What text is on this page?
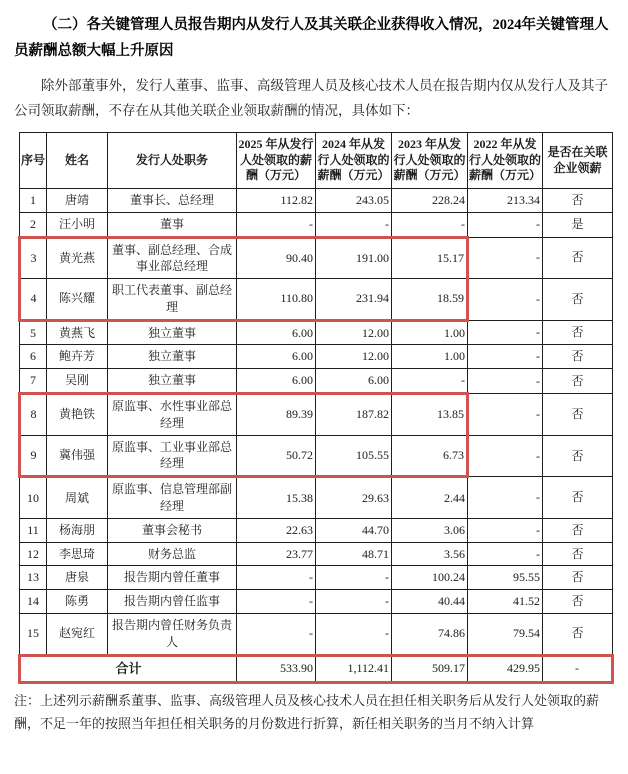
（二）各关键管理人员报告期内从发行人及其关联企业获得收入情况，2024年关键管理人员薪酬总额大幅上升原因
除外部董事外，发行人董事、监事、高级管理人员及核心技术人员在报告期内仅从发行人及其子公司领取薪酬，不存在从其他关联企业领取薪酬的情况，具体如下：
序号	姓名	发行人处职务	2025 年从发行人处领取的薪酬（万元）	2024 年从发行人处领取的薪酬（万元）	2023 年从发行人处领取的薪酬（万元）	2022 年从发行人处领取的薪酬（万元）	是否在关联企业领薪
1	唐靖	董事长、总经理	112.82	243.05	228.24	213.34	否
2	汪小明	董事	-	-	-	-	是
3	黄光燕	董事、副总经理、合成事业部总经理	90.40	191.00	15.17	-	否
4	陈兴耀	职工代表董事、副总经理	110.80	231.94	18.59	-	否
5	黄燕飞	独立董事	6.00	12.00	1.00	-	否
6	鲍卉芳	独立董事	6.00	12.00	1.00	-	否
7	吴刚	独立董事	6.00	6.00	-	-	否
8	黄艳铁	原监事、水性事业部总经理	89.39	187.82	13.85	-	否
9	冀伟强	原监事、工业事业部总经理	50.72	105.55	6.73	-	否
10	周斌	原监事、信息管理部副经理	15.38	29.63	2.44	-	否
11	杨海朋	董事会秘书	22.63	44.70	3.06	-	否
12	李思琦	财务总监	23.77	48.71	3.56	-	否
13	唐泉	报告期内曾任董事	-	-	100.24	95.55	否
14	陈勇	报告期内曾任监事	-	-	40.44	41.52	否
15	赵宛红	报告期内曾任财务负责人	-	-	74.86	79.54	否
合计			533.90	1,112.41	509.17	429.95	-
注：上述列示薪酬系董事、监事、高级管理人员及核心技术人员在担任相关职务后从发行人处领取的薪酬，不足一年的按照当年担任相关职务的月份数进行折算，新任相关职务的当月不纳入计算
